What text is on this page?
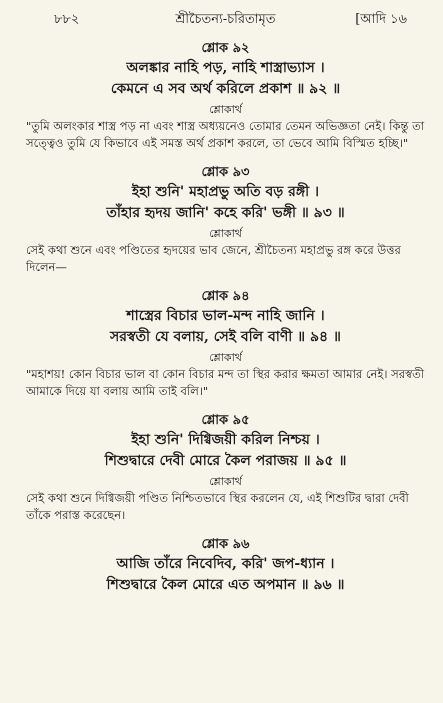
৮৮২	শ্রীচৈতন্য-চরিতামৃত	[আদি ১৬
শ্লোক ৯২
অলঙ্কার নাহি পড়, নাহি শাস্ত্রাভ্যাস ।
কেমনে এ সব অর্থ করিলে প্রকাশ ॥ ৯২ ॥
শ্লোকার্থ
"তুমি অলংকার শাস্ত্র পড় না এবং শাস্ত্র অধ্যয়নেও তোমার তেমন অভিজ্ঞতা নেই। কিন্তু তা সত্ত্বেও তুমি যে কিভাবে এই সমস্ত অর্থ প্রকাশ করলে, তা ভেবে আমি বিস্মিত হচ্ছি।"
শ্লোক ৯৩
ইহা শুনি' মহাপ্রভু অতি বড় রঙ্গী ।
তাঁহার হৃদয় জানি' কহে করি' ভঙ্গী ॥ ৯৩ ॥
শ্লোকার্থ
সেই কথা শুনে এবং পণ্ডিতের হৃদয়ের ভাব জেনে, শ্রীচৈতন্য মহাপ্রভু রঙ্গ করে উত্তর দিলেন—
শ্লোক ৯৪
শাস্ত্রের বিচার ভাল-মন্দ নাহি জানি ।
সরস্বতী যে বলায়, সেই বলি বাণী ॥ ৯৪ ॥
শ্লোকার্থ
"মহাশয়! কোন বিচার ভাল বা কোন বিচার মন্দ তা স্থির করার ক্ষমতা আমার নেই। সরস্বতী আমাকে দিয়ে যা বলায় আমি তাই বলি।"
শ্লোক ৯৫
ইহা শুনি' দিগ্বিজয়ী করিল নিশ্চয় ।
শিশুদ্বারে দেবী মোরে কৈল পরাজয় ॥ ৯৫ ॥
শ্লোকার্থ
সেই কথা শুনে দিগ্বিজয়ী পণ্ডিত নিশ্চিতভাবে স্থির করলেন যে, এই শিশুটির দ্বারা দেবী তাঁকে পরাস্ত করেছেন।
শ্লোক ৯৬
আজি তাঁরে নিবেদিব, করি' জপ-ধ্যান ।
শিশুদ্বারে কৈল মোরে এত অপমান ॥ ৯৬ ॥
